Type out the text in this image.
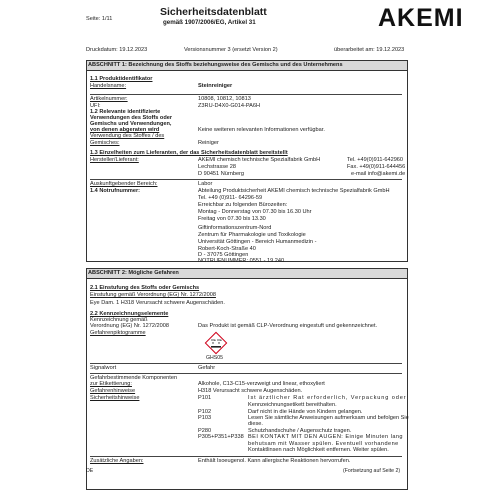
Seite: 1/11
Sicherheitsdatenblatt
gemäß 1907/2006/EG, Artikel 31	AKEMI
Druckdatum: 19.12.2023	Versionsnummer 3 (ersetzt Version 2)	überarbeitet am: 19.12.2023
ABSCHNITT 1: Bezeichnung des Stoffs beziehungsweise des Gemischs und des Unternehmens
1.1 Produktidentifikator
Handelsname:	Steinreiniger
Artikelnummer:	10808, 10812, 10813
UFI:	Z3RU-D4X0-G014-PA6H
1.2 Relevante identifizierte
Verwendungen des Stoffs oder
Gemischs und Verwendungen,
von denen abgeraten wird	Keine weiteren relevanten Informationen verfügbar.
Verwendung des Stoffes / des
Gemisches:	Reiniger
1.3 Einzelheiten zum Lieferanten, der das Sicherheitsdatenblatt bereitstellt
Hersteller/Lieferant:	AKEMI chemisch technische Spezialfabrik GmbH
Lechstrasse 28
D 90451 Nürnberg
Tel. +49(0)911-642960
Fax. +49(0)911-644456
e-mail info@akemi.de
Auskunftgebender Bereich:	Labor
1.4 Notrufnummer:	Abteilung Produktsicherheit AKEMI chemisch technische Spezialfabrik GmbH
Tel. +49 (0)911- 64296-59
Erreichbar zu folgenden Bürozeiten:
Montag - Donnerstag von 07.30 bis 16.30 Uhr
Freitag von 07.30 bis 13.30
Giftinformationszentrum-Nord
Zentrum für Pharmakologie und Toxikologie
Universität Göttingen - Bereich Humanmedizin -
Robert-Koch-Straße 40
D - 37075 Göttingen
NOTRUFNUMMER: 0551 - 19 240
ABSCHNITT 2: Mögliche Gefahren
2.1 Einstufung des Stoffs oder Gemischs
Einstufung gemäß Verordnung (EG) Nr. 1272/2008
Eye Dam. 1 H318 Verursacht schwere Augenschäden.
2.2 Kennzeichnungselemente
Kennzeichnung gemäß
Verordnung (EG) Nr. 1272/2008	Das Produkt ist gemäß CLP-Verordnung eingestuft und gekennzeichnet.
Gefahrenpiktogramme
GHS05
Signalwort	Gefahr
Gefahrbestimmende Komponenten
zur Etikettierung:	Alkohole, C13-C15-verzweigt und linear, ethoxyliert
Gefahrenhinweise	H318 Verursacht schwere Augenschäden.
Sicherheitshinweise	P101	Ist ärztlicher Rat erforderlich, Verpackung oder
Kennzeichnungsetikett bereithalten.
P102	Darf nicht in die Hände von Kindern gelangen.
P103	Lesen Sie sämtliche Anweisungen aufmerksam und befolgen Sie
diese.
P280	Schutzhandschuhe / Augenschutz tragen.
P305+P351+P338 BEI KONTAKT MIT DEN AUGEN: Einige Minuten lang
behutsam mit Wasser spülen. Eventuell vorhandene
Kontaktlinsen nach Möglichkeit entfernen. Weiter spülen.
Zusätzliche Angaben:	Enthält Isoeugenol. Kann allergische Reaktionen hervorrufen.
DE	(Fortsetzung auf Seite 2)
